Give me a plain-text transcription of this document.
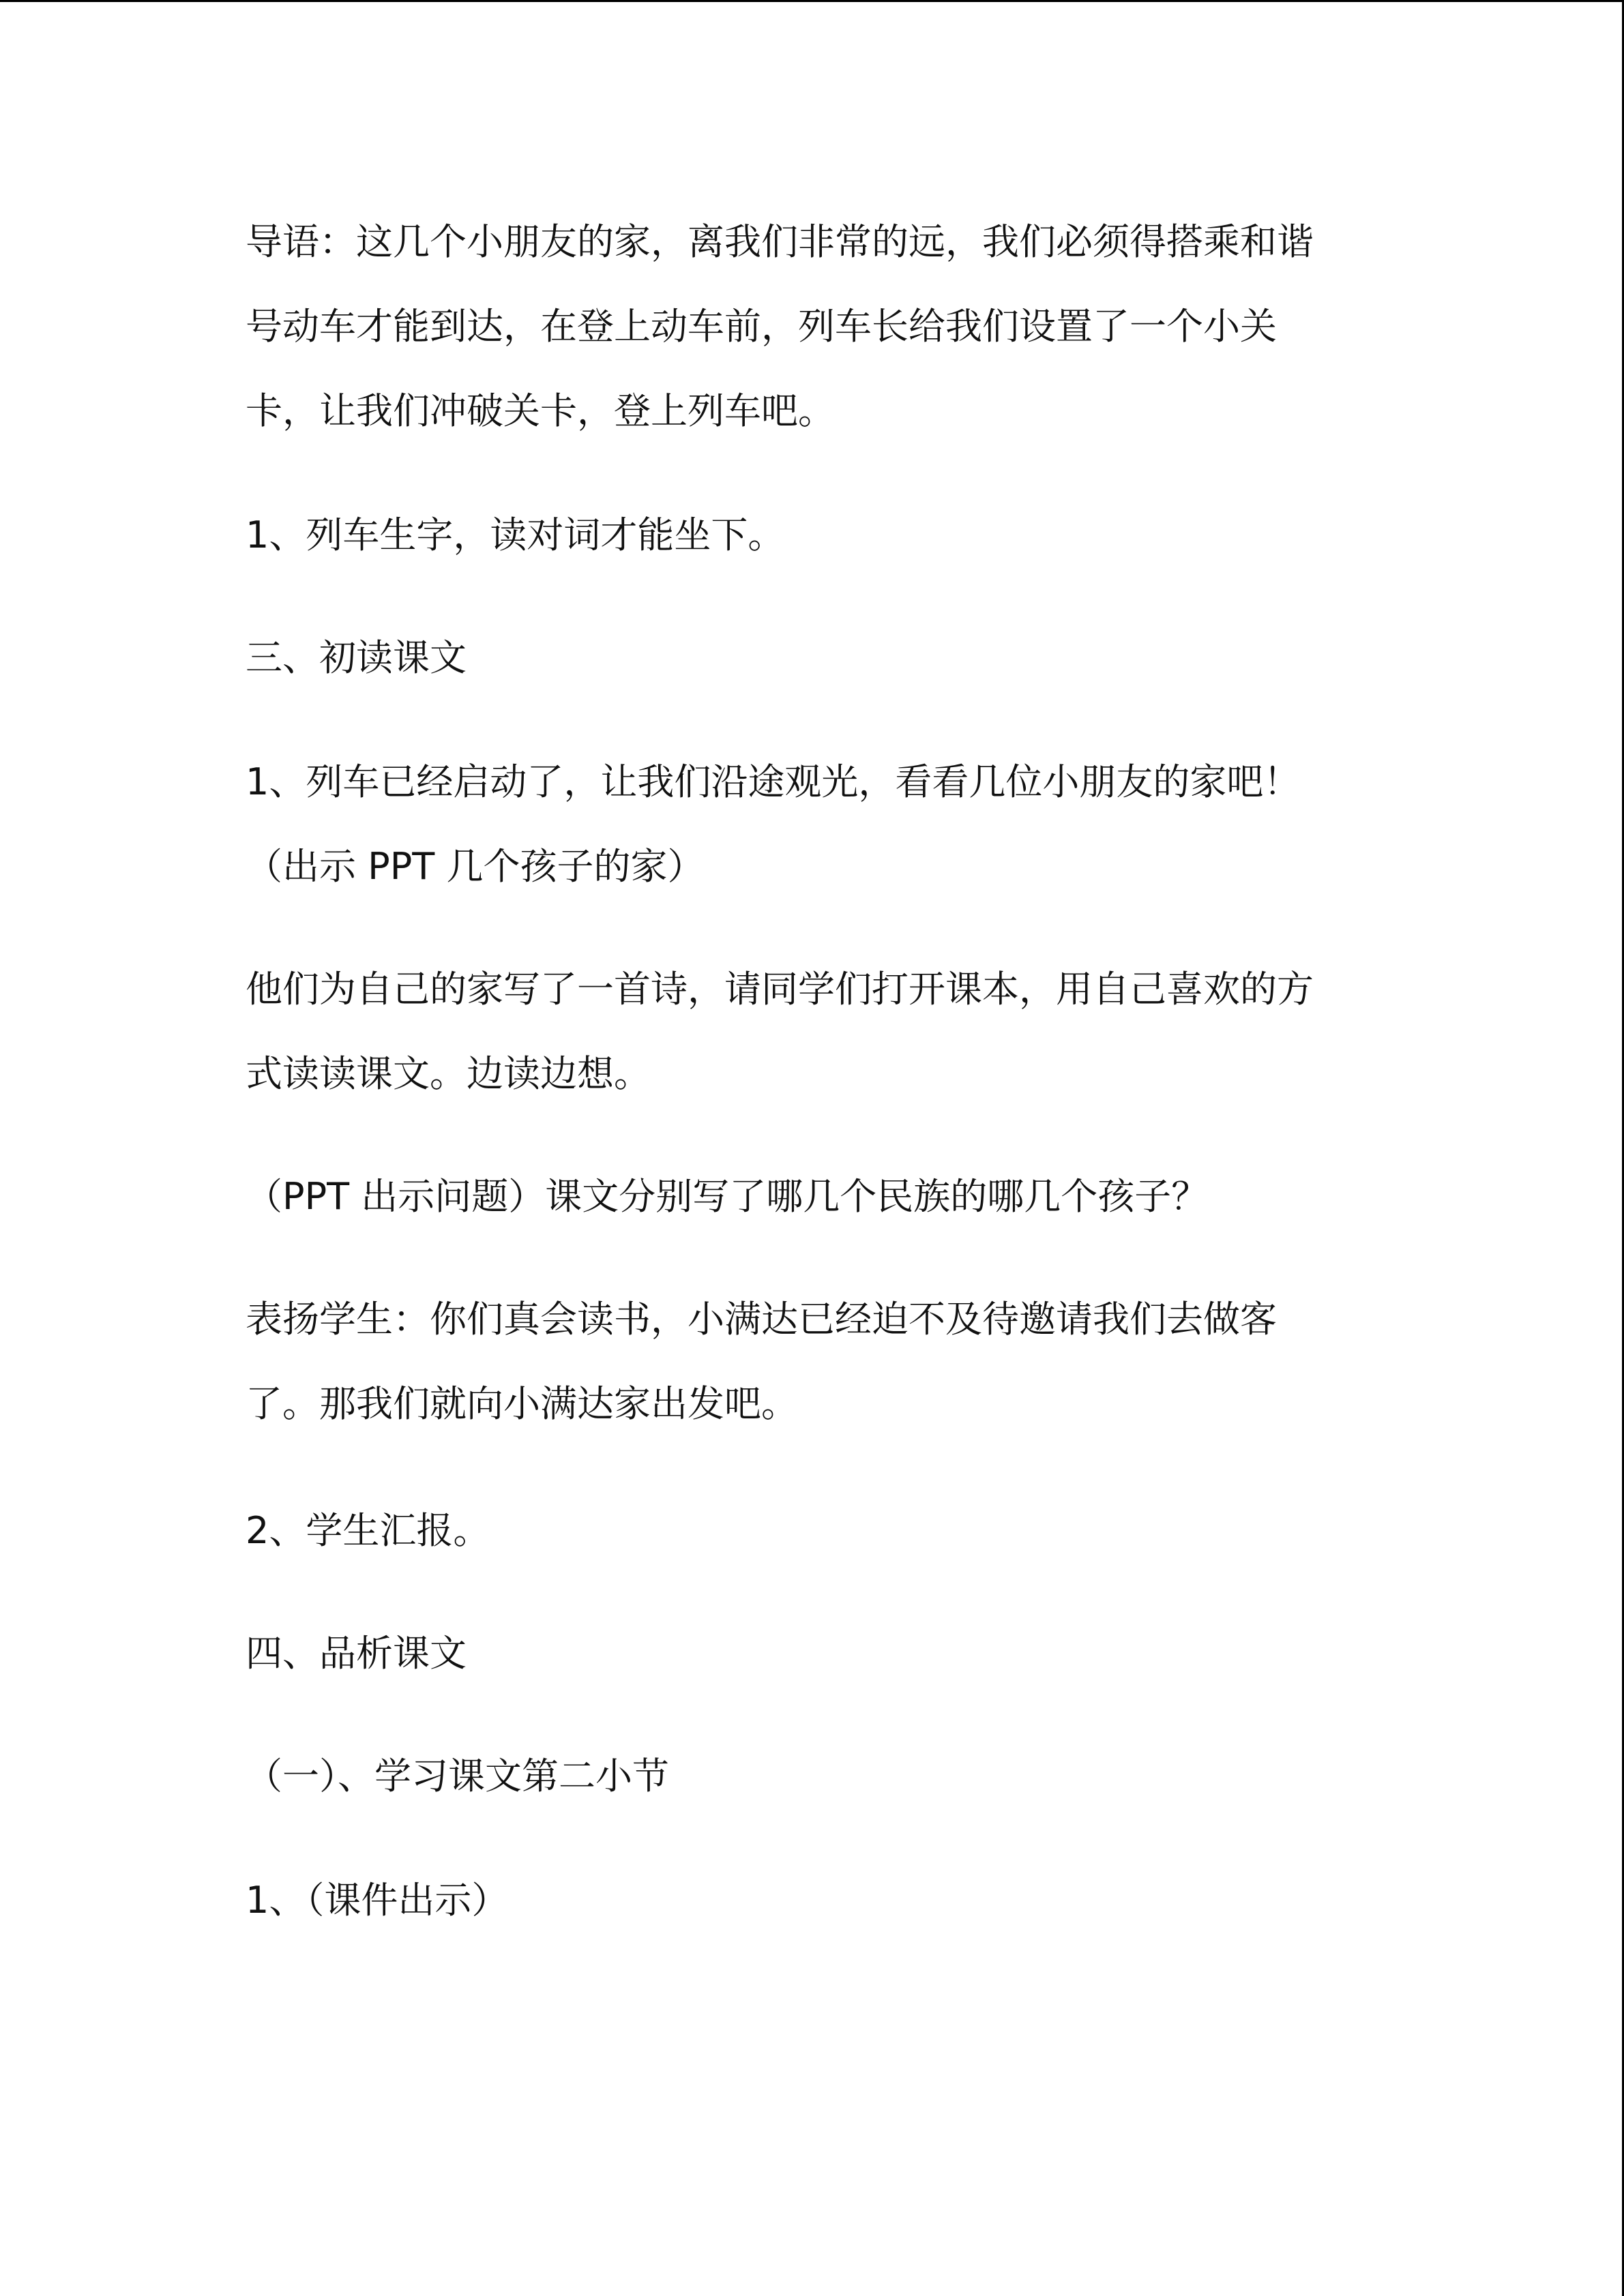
导语：这几个小朋友的家，离我们非常的远，我们必须得搭乘和谐
号动车才能到达，在登上动车前，列车长给我们设置了一个小关
卡，让我们冲破关卡，登上列车吧。
1、列车生字，读对词才能坐下。
三、初读课文
1、列车已经启动了，让我们沿途观光，看看几位小朋友的家吧！
（出示 PPT 几个孩子的家）
他们为自己的家写了一首诗，请同学们打开课本，用自己喜欢的方
式读读课文。边读边想。
（PPT 出示问题）课文分别写了哪几个民族的哪几个孩子？
表扬学生：你们真会读书，小满达已经迫不及待邀请我们去做客
了。那我们就向小满达家出发吧。
2、学生汇报。
四、品析课文
（一）、学习课文第二小节
1、（课件出示）
